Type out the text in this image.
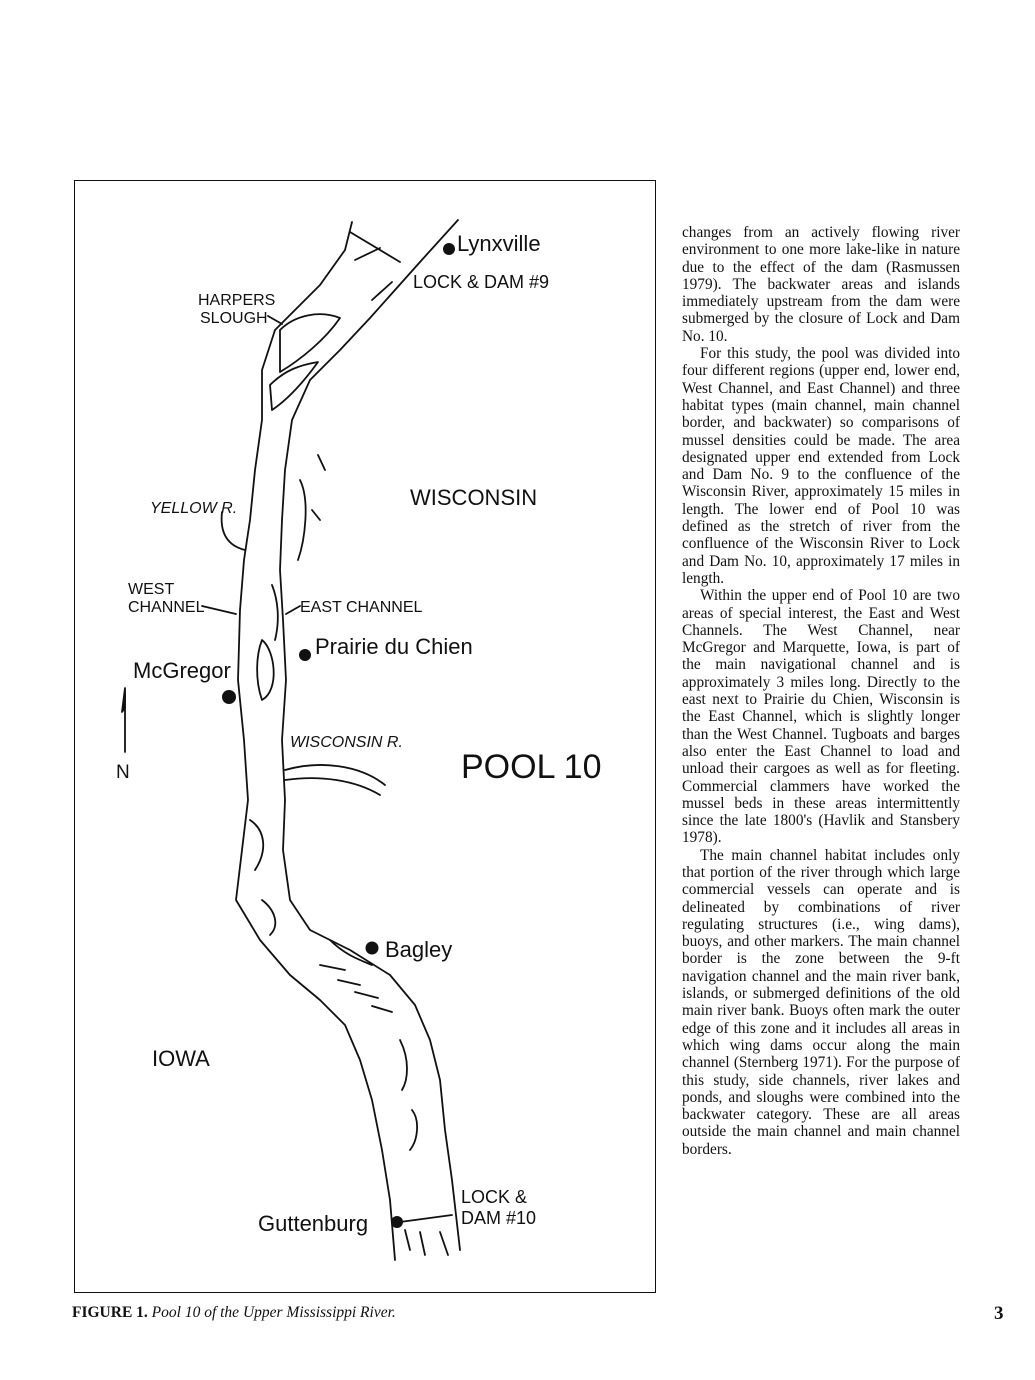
Lynxville
LOCK & DAM #9
HARPERS
SLOUGH
WISCONSIN
YELLOW R.
WEST
CHANNEL	EAST CHANNEL
Prairie du Chien
McGregor
N
WISCONSIN R.
POOL 10
Bagley
IOWA
LOCK &
DAM #10
Guttenburg
FIGURE 1. Pool 10 of the Upper Mississippi River.

changes from an actively flowing river environment to one more lake-like in nature due to the effect of the dam (Rasmussen 1979). The backwater areas and islands immediately upstream from the dam were submerged by the closure of Lock and Dam No. 10.

For this study, the pool was divided into four different regions (upper end, lower end, West Channel, and East Channel) and three habitat types (main channel, main channel border, and backwater) so comparisons of mussel densities could be made. The area designated upper end extended from Lock and Dam No. 9 to the confluence of the Wisconsin River, approximately 15 miles in length. The lower end of Pool 10 was defined as the stretch of river from the confluence of the Wisconsin River to Lock and Dam No. 10, approximately 17 miles in length.

Within the upper end of Pool 10 are two areas of special interest, the East and West Channels. The West Channel, near McGregor and Marquette, Iowa, is part of the main navigational channel and is approximately 3 miles long. Directly to the east next to Prairie du Chien, Wisconsin is the East Channel, which is slightly longer than the West Channel. Tugboats and barges also enter the East Channel to load and unload their cargoes as well as for fleeting. Commercial clammers have worked the mussel beds in these areas intermittently since the late 1800's (Havlik and Stansbery 1978).

The main channel habitat includes only that portion of the river through which large commercial vessels can operate and is delineated by combinations of river regulating structures (i.e., wing dams), buoys, and other markers. The main channel border is the zone between the 9-ft navigation channel and the main river bank, islands, or submerged definitions of the old main river bank. Buoys often mark the outer edge of this zone and it includes all areas in which wing dams occur along the main channel (Sternberg 1971). For the purpose of this study, side channels, river lakes and ponds, and sloughs were combined into the backwater category. These are all areas outside the main channel and main channel borders.

3
